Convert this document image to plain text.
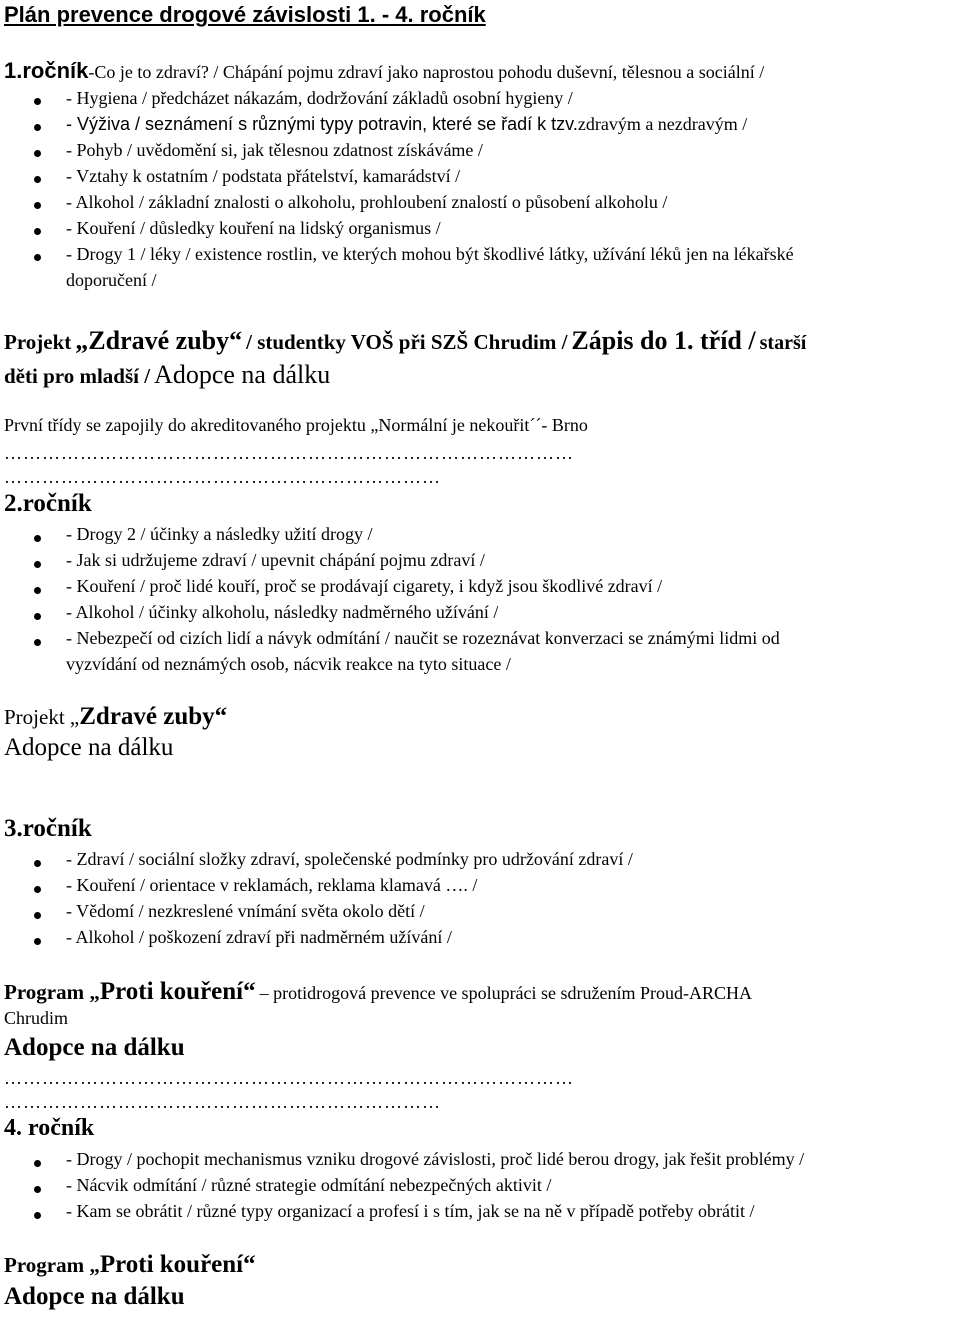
Plán prevence drogové závislosti 1. - 4. ročník
1.ročník-Co je to zdraví? / Chápání pojmu zdraví jako naprostou pohodu duševní, tělesnou a sociální /
- Hygiena / předcházet nákazám, dodržování základů osobní hygieny /
- Výživa / seznámení s různými typy potravin, které se řadí k tzv.zdravým a nezdravým /
- Pohyb / uvědomění si, jak tělesnou zdatnost získáváme /
- Vztahy k ostatním / podstata přátelství, kamarádství /
- Alkohol / základní znalosti o alkoholu, prohloubení znalostí o působení alkoholu /
- Kouření / důsledky kouření na lidský organismus /
- Drogy 1 / léky / existence rostlin, ve kterých mohou být škodlivé látky, užívání léků jen na lékařské
doporučení /
Projekt „Zdravé zuby“ / studentky VOŠ při SZŠ Chrudim / Zápis do 1. tříd / starší
děti pro mladší / Adopce na dálku
První třídy se zapojily do akreditovaného projektu „Normální je nekouřit´´- Brno
………………………………………………………………………………
……………………………………………………………
2.ročník
- Drogy 2 / účinky a následky užití drogy /
- Jak si udržujeme zdraví / upevnit chápání pojmu zdraví /
- Kouření / proč lidé kouří, proč se prodávají cigarety, i když jsou škodlivé zdraví /
- Alkohol / účinky alkoholu, následky nadměrného užívání /
- Nebezpečí od cizích lidí a návyk odmítání / naučit se rozeznávat konverzaci se známými lidmi od
vyzvídání od neznámých osob, nácvik reakce na tyto situace /
Projekt „Zdravé zuby“
Adopce na dálku
3.ročník
- Zdraví / sociální složky zdraví, společenské podmínky pro udržování zdraví /
- Kouření / orientace v reklamách, reklama klamavá …. /
- Vědomí / nezkreslené vnímání světa okolo dětí /
- Alkohol / poškození zdraví při nadměrném užívání /
Program „Proti kouření“ – protidrogová prevence ve spolupráci se sdružením Proud-ARCHA
Chrudim
Adopce na dálku
………………………………………………………………………………
……………………………………………………………
4. ročník
- Drogy / pochopit mechanismus vzniku drogové závislosti, proč lidé berou drogy, jak řešit problémy /
- Nácvik odmítání / různé strategie odmítání nebezpečných aktivit /
- Kam se obrátit / různé typy organizací a profesí i s tím, jak se na ně v případě potřeby obrátit /
Program „Proti kouření“
Adopce na dálku
